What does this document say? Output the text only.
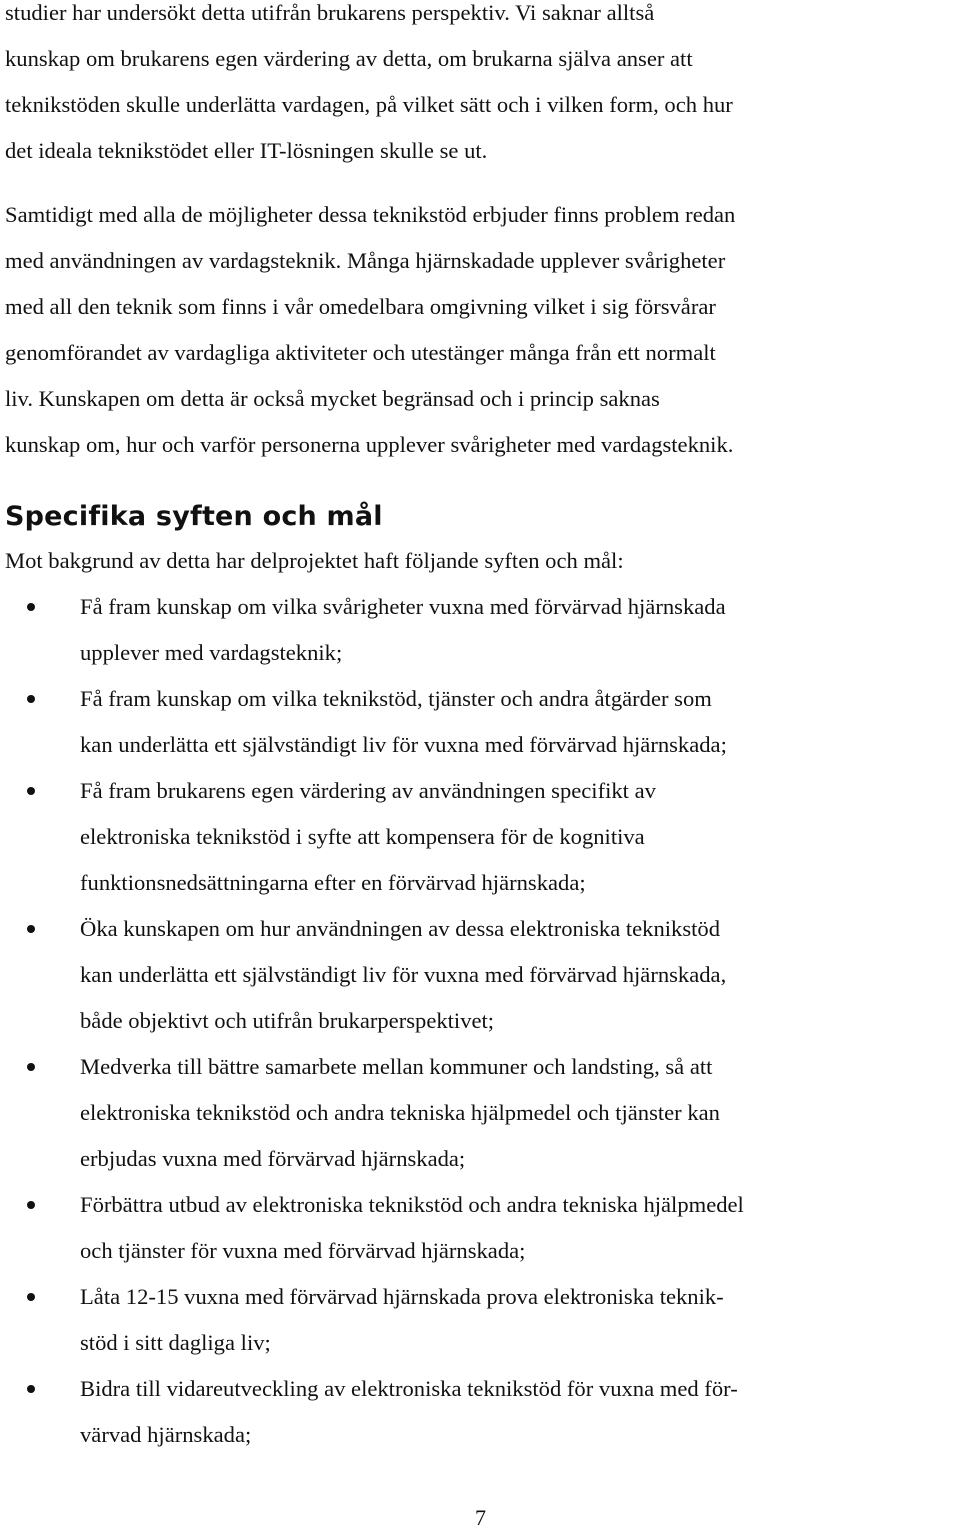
studier har undersökt detta utifrån brukarens perspektiv. Vi saknar alltså
kunskap om brukarens egen värdering av detta, om brukarna själva anser att
teknikstöden skulle underlätta vardagen, på vilket sätt och i vilken form, och hur
det ideala teknikstödet eller IT-lösningen skulle se ut.

Samtidigt med alla de möjligheter dessa teknikstöd erbjuder finns problem redan
med användningen av vardagsteknik. Många hjärnskadade upplever svårigheter
med all den teknik som finns i vår omedelbara omgivning vilket i sig försvårar
genomförandet av vardagliga aktiviteter och utestänger många från ett normalt
liv. Kunskapen om detta är också mycket begränsad och i princip saknas
kunskap om, hur och varför personerna upplever svårigheter med vardagsteknik.

Specifika syften och mål

Mot bakgrund av detta har delprojektet haft följande syften och mål:

Få fram kunskap om vilka svårigheter vuxna med förvärvad hjärnskada
upplever med vardagsteknik;
Få fram kunskap om vilka teknikstöd, tjänster och andra åtgärder som
kan underlätta ett självständigt liv för vuxna med förvärvad hjärnskada;
Få fram brukarens egen värdering av användningen specifikt av
elektroniska teknikstöd i syfte att kompensera för de kognitiva
funktionsnedsättningarna efter en förvärvad hjärnskada;
Öka kunskapen om hur användningen av dessa elektroniska teknikstöd
kan underlätta ett självständigt liv för vuxna med förvärvad hjärnskada,
både objektivt och utifrån brukarperspektivet;
Medverka till bättre samarbete mellan kommuner och landsting, så att
elektroniska teknikstöd och andra tekniska hjälpmedel och tjänster kan
erbjudas vuxna med förvärvad hjärnskada;
Förbättra utbud av elektroniska teknikstöd och andra tekniska hjälpmedel
och tjänster för vuxna med förvärvad hjärnskada;
Låta 12-15 vuxna med förvärvad hjärnskada prova elektroniska teknik-
stöd i sitt dagliga liv;
Bidra till vidareutveckling av elektroniska teknikstöd för vuxna med för-
värvad hjärnskada;

7
